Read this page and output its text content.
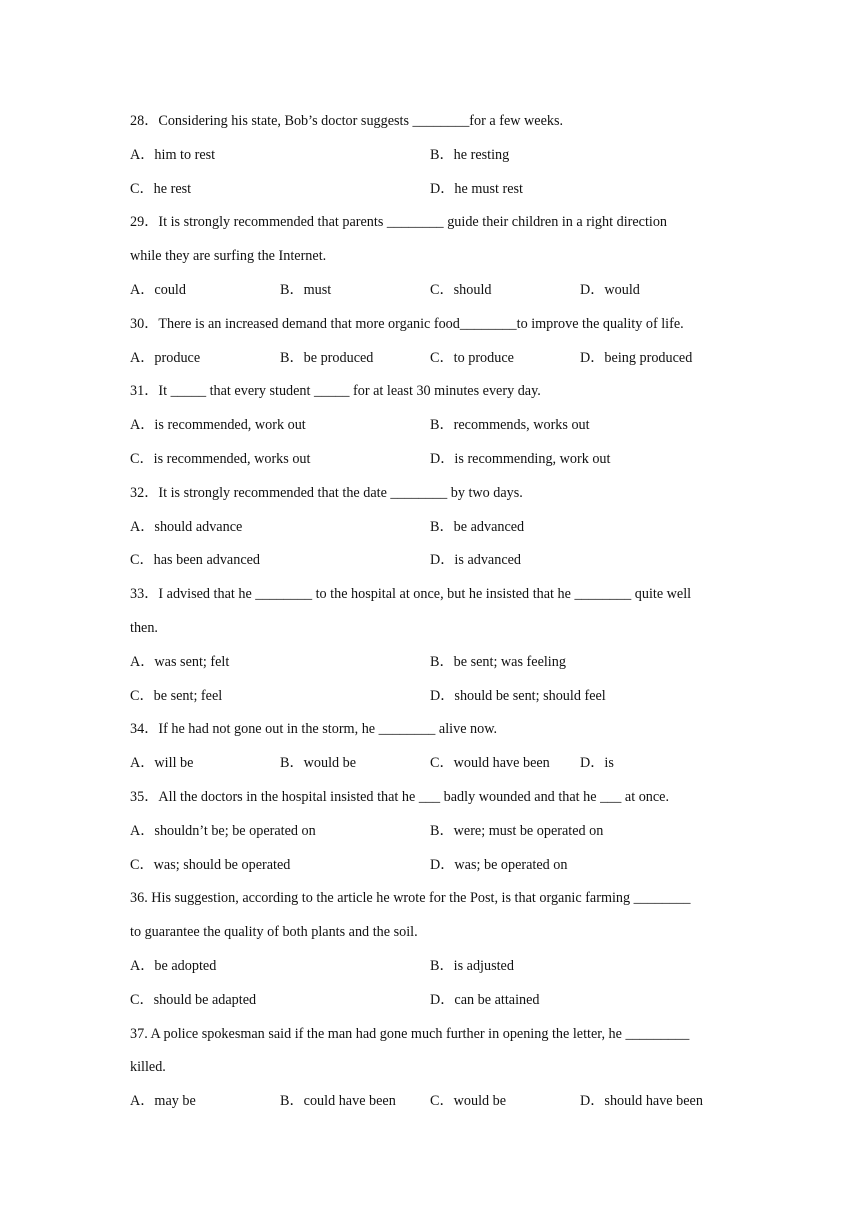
28．Considering his state, Bob’s doctor suggests ________for a few weeks.
A．him to rest	B．he resting
C．he rest	D．he must rest
29．It is strongly recommended that parents ________ guide their children in a right direction
while they are surfing the Internet.
A．could	B．must	C．should	D．would
30．There is an increased demand that more organic food________to improve the quality of life.
A．produce	B．be produced	C．to produce	D．being produced
31．It _____ that every student _____ for at least 30 minutes every day.
A．is recommended, work out	B．recommends, works out
C．is recommended, works out	D．is recommending, work out
32．It is strongly recommended that the date ________ by two days.
A．should advance	B．be advanced
C．has been advanced	D．is advanced
33．I advised that he ________ to the hospital at once, but he insisted that he ________ quite well
then.
A．was sent; felt	B．be sent; was feeling
C．be sent; feel	D．should be sent; should feel
34．If he had not gone out in the storm, he ________ alive now.
A．will be	B．would be	C．would have been	D．is
35．All the doctors in the hospital insisted that he ___ badly wounded and that he ___ at once.
A．shouldn’t be; be operated on	B．were; must be operated on
C．was; should be operated	D．was; be operated on
36. His suggestion, according to the article he wrote for the Post, is that organic farming ________
to guarantee the quality of both plants and the soil.
A．be adopted	B．is adjusted
C．should be adapted	D．can be attained
37. A police spokesman said if the man had gone much further in opening the letter, he _________
killed.
A．may be	B．could have been	C．would be	D．should have been
